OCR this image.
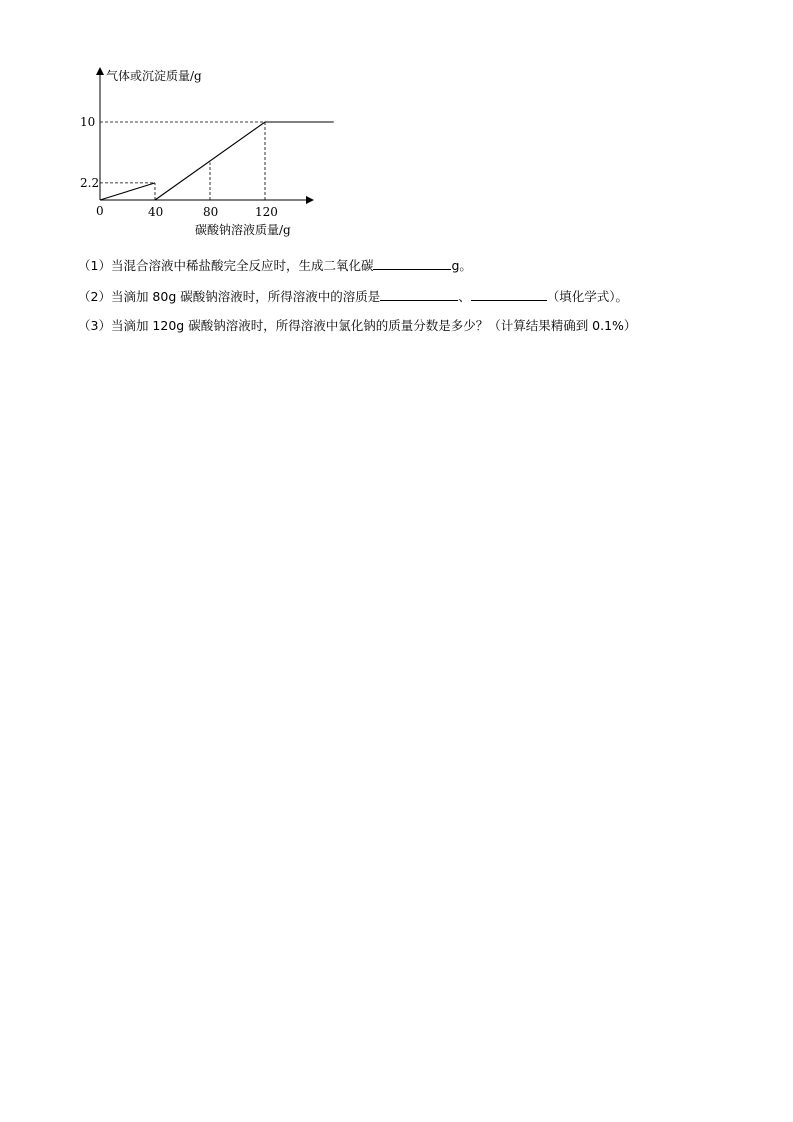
气体或沉淀质量/g
碳酸钠溶液质量/g
0	40	80	120
2.2
10
（1）当混合溶液中稀盐酸完全反应时，生成二氧化碳	g。
（2）当滴加 80g 碳酸钠溶液时，所得溶液中的溶质是	、	（填化学式）。
（3）当滴加 120g 碳酸钠溶液时，所得溶液中氯化钠的质量分数是多少？（计算结果精确到 0.1%）
